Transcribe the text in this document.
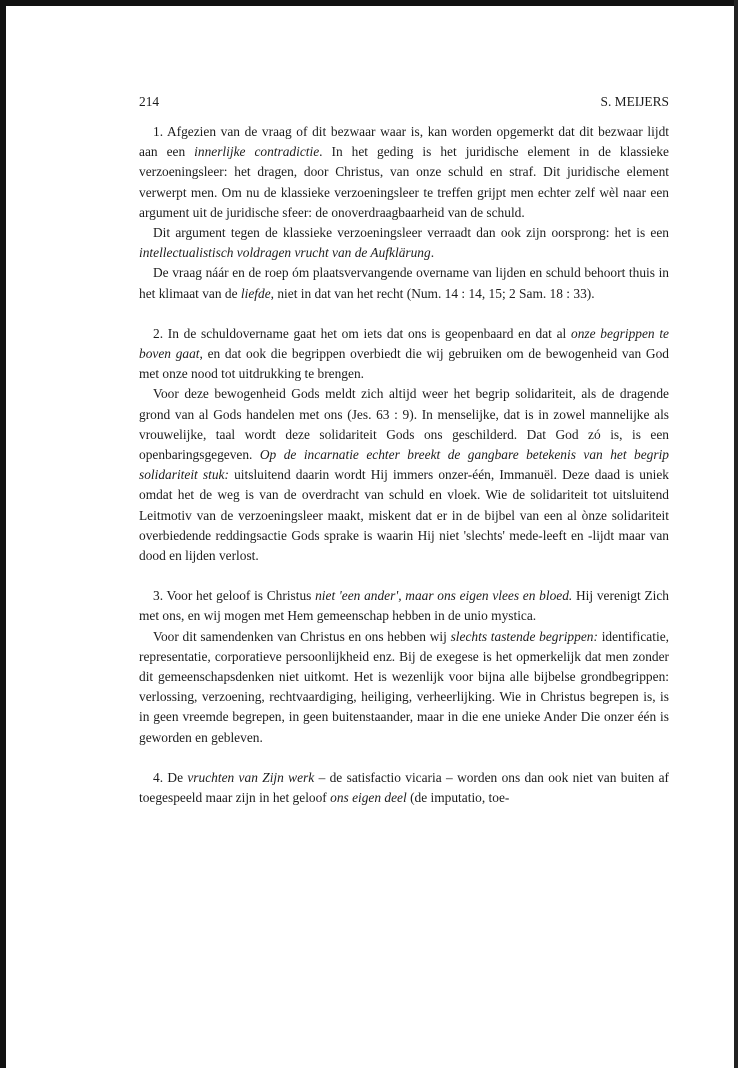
214	S. MEIJERS

1. Afgezien van de vraag of dit bezwaar waar is, kan worden opgemerkt dat dit bezwaar lijdt aan een innerlijke contradictie. In het geding is het juridische element in de klassieke verzoeningsleer: het dragen, door Christus, van onze schuld en straf. Dit juridische element verwerpt men. Om nu de klassieke verzoeningsleer te treffen grijpt men echter zelf wèl naar een argument uit de juridische sfeer: de onoverdraagbaarheid van de schuld.

Dit argument tegen de klassieke verzoeningsleer verraadt dan ook zijn oorsprong: het is een intellectualistisch voldragen vrucht van de Aufklärung.

De vraag náár en de roep óm plaatsvervangende overname van lijden en schuld behoort thuis in het klimaat van de liefde, niet in dat van het recht (Num. 14 : 14, 15; 2 Sam. 18 : 33).

2. In de schuldovername gaat het om iets dat ons is geopenbaard en dat al onze begrippen te boven gaat, en dat ook die begrippen overbiedt die wij gebruiken om de bewogenheid van God met onze nood tot uitdrukking te brengen.

Voor deze bewogenheid Gods meldt zich altijd weer het begrip solidariteit, als de dragende grond van al Gods handelen met ons (Jes. 63 : 9). In menselijke, dat is in zowel mannelijke als vrouwelijke, taal wordt deze solidariteit Gods ons geschilderd. Dat God zó is, is een openbaringsgegeven. Op de incarnatie echter breekt de gangbare betekenis van het begrip solidariteit stuk: uitsluitend daarin wordt Hij immers onzer-één, Immanuël. Deze daad is uniek omdat het de weg is van de overdracht van schuld en vloek. Wie de solidariteit tot uitsluitend Leitmotiv van de verzoeningsleer maakt, miskent dat er in de bijbel van een al ònze solidariteit overbiedende reddingsactie Gods sprake is waarin Hij niet 'slechts' mede-leeft en -lijdt maar van dood en lijden verlost.

3. Voor het geloof is Christus niet 'een ander', maar ons eigen vlees en bloed. Hij verenigt Zich met ons, en wij mogen met Hem gemeenschap hebben in de unio mystica.

Voor dit samendenken van Christus en ons hebben wij slechts tastende begrippen: identificatie, representatie, corporatieve persoonlijkheid enz. Bij de exegese is het opmerkelijk dat men zonder dit gemeenschapsdenken niet uitkomt. Het is wezenlijk voor bijna alle bijbelse grondbegrippen: verlossing, verzoening, rechtvaardiging, heiliging, verheerlijking. Wie in Christus begrepen is, is in geen vreemde begrepen, in geen buitenstaander, maar in die ene unieke Ander Die onzer één is geworden en gebleven.

4. De vruchten van Zijn werk – de satisfactio vicaria – worden ons dan ook niet van buiten af toegespeeld maar zijn in het geloof ons eigen deel (de imputatio, toe-
